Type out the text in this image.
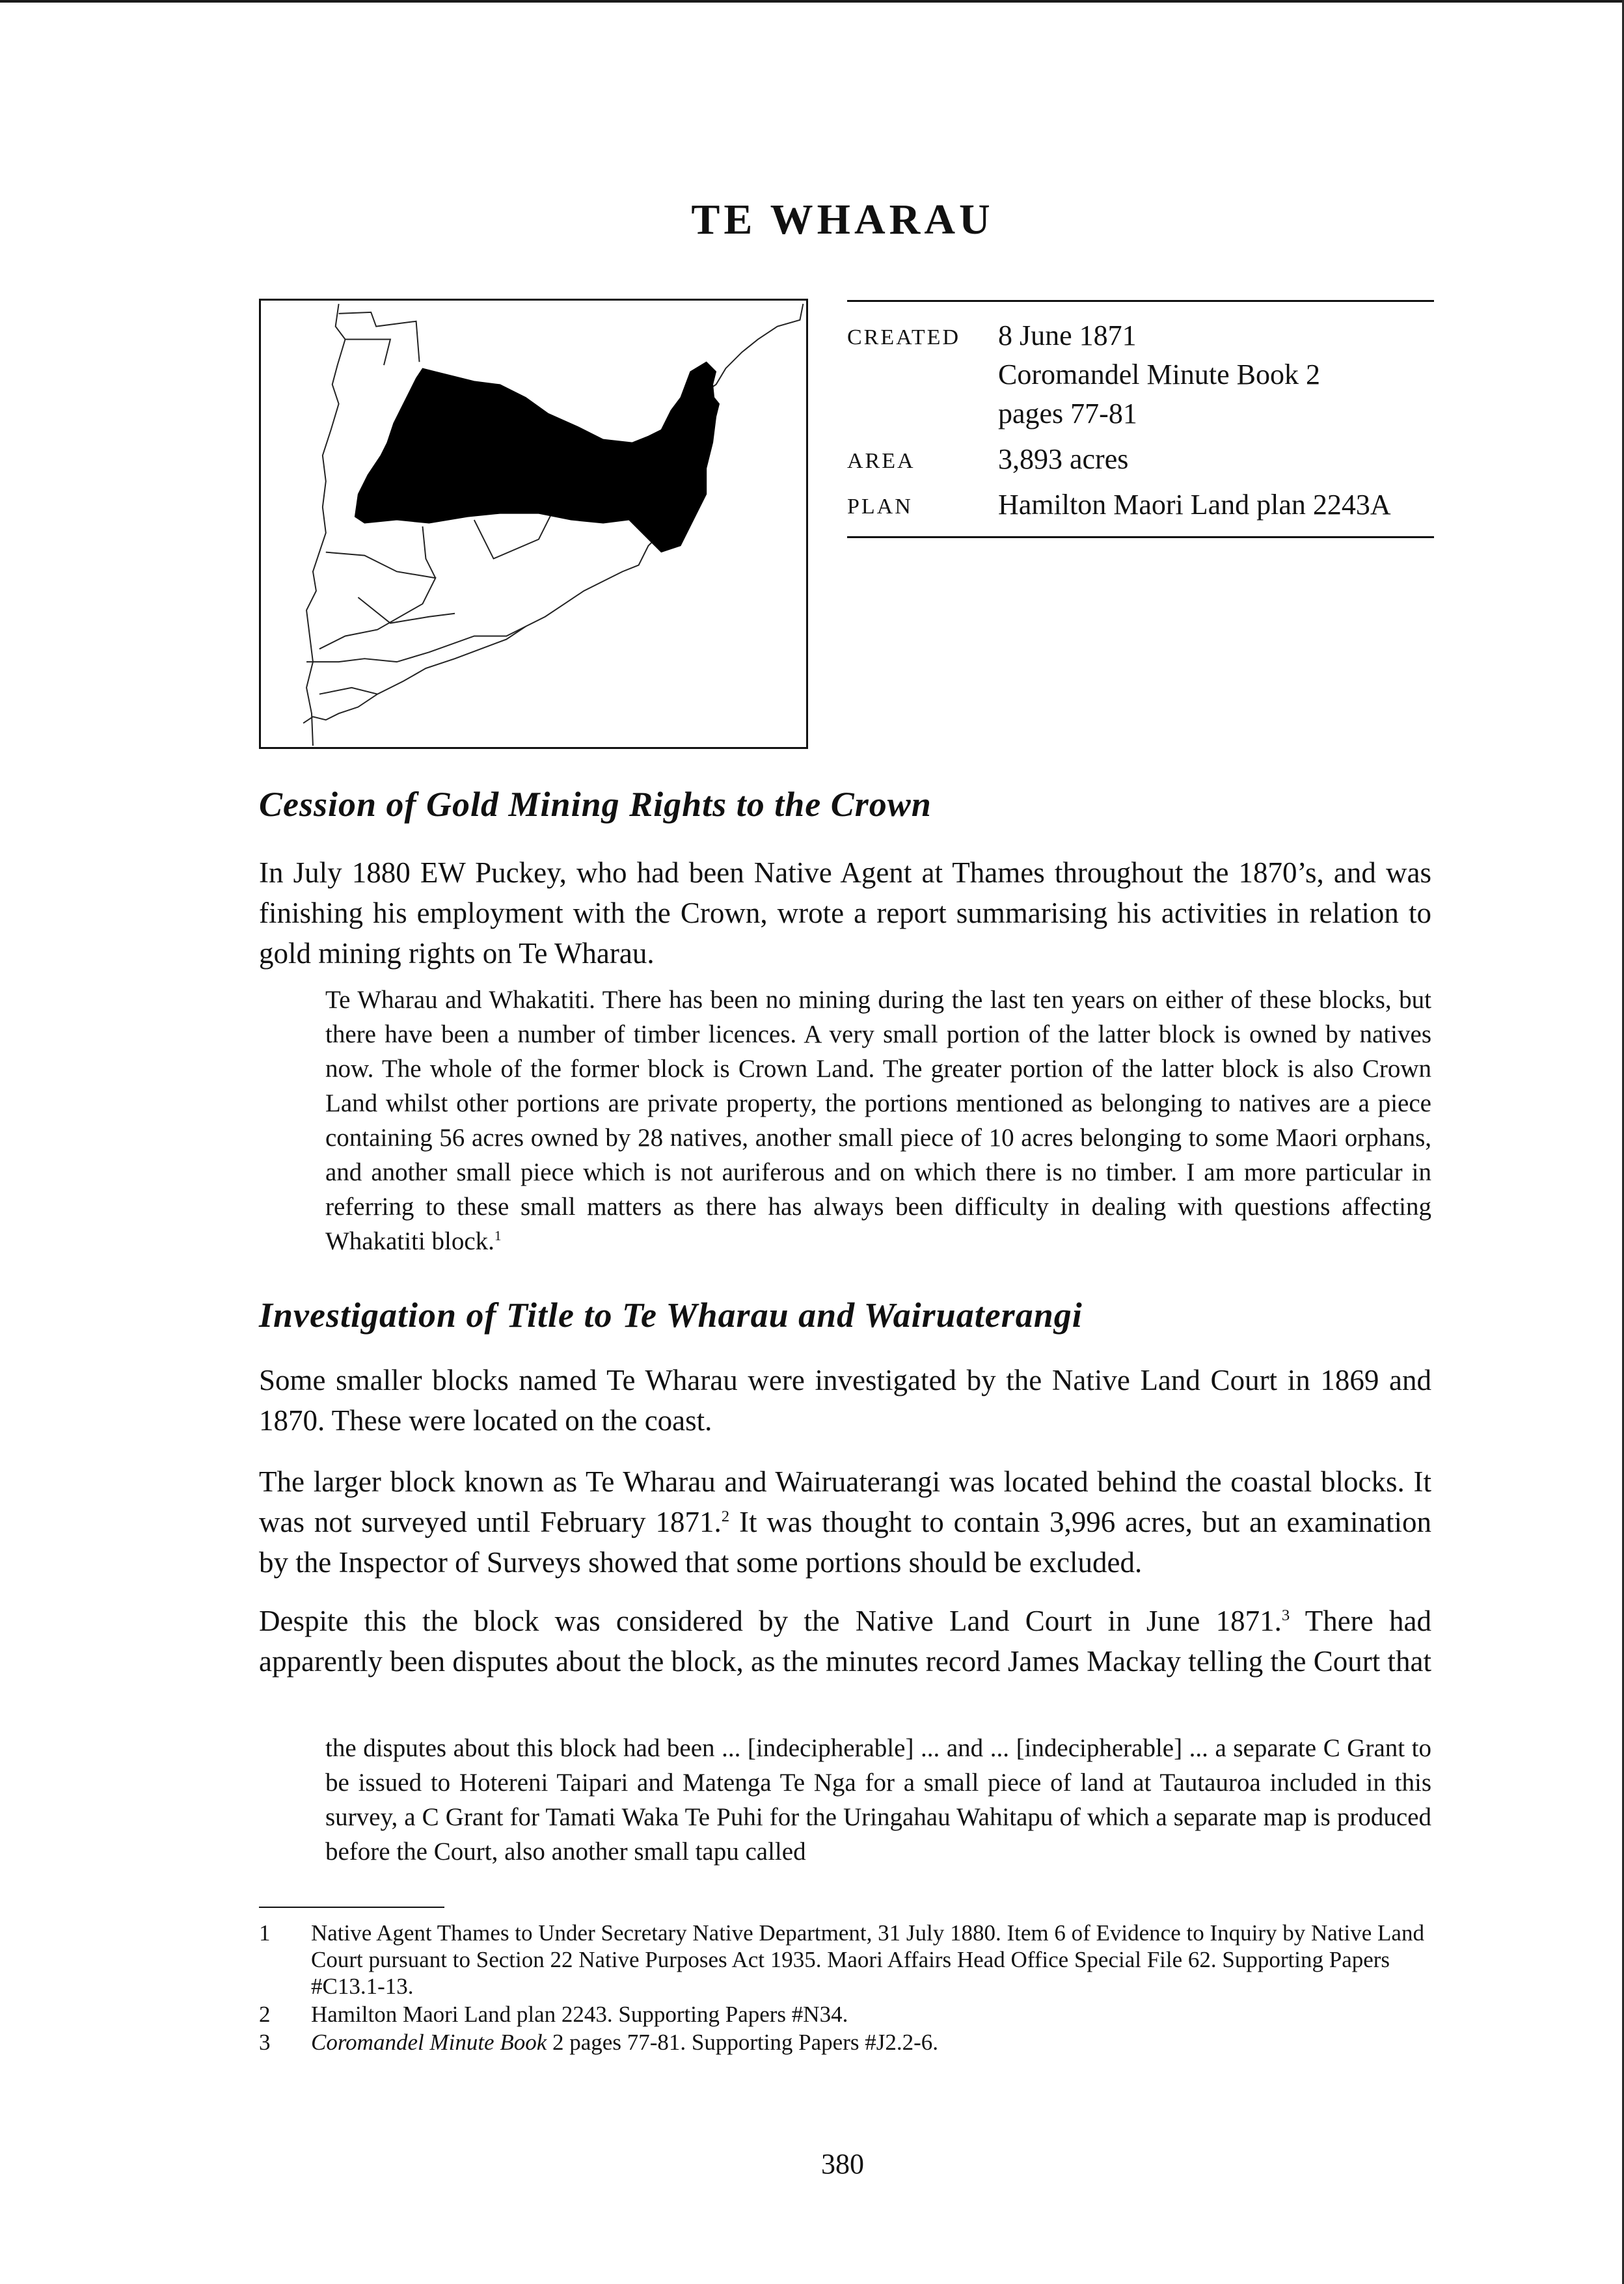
TE WHARAU
CREATED	8 June 1871
Coromandel Minute Book 2
pages 77-81
AREA	3,893 acres
PLAN	Hamilton Maori Land plan 2243A
Cession of Gold Mining Rights to the Crown

In July 1880 EW Puckey, who had been Native Agent at Thames throughout the 1870’s, and was finishing his employment with the Crown, wrote a report summarising his activities in relation to gold mining rights on Te Wharau.

Te Wharau and Whakatiti. There has been no mining during the last ten years on either of these blocks, but there have been a number of timber licences. A very small portion of the latter block is owned by natives now. The whole of the former block is Crown Land. The greater portion of the latter block is also Crown Land whilst other portions are private property, the portions mentioned as belonging to natives are a piece containing 56 acres owned by 28 natives, another small piece of 10 acres belonging to some Maori orphans, and another small piece which is not auriferous and on which there is no timber. I am more particular in referring to these small matters as there has always been difficulty in dealing with questions affecting Whakatiti block.$^1$

Investigation of Title to Te Wharau and Wairuaterangi

Some smaller blocks named Te Wharau were investigated by the Native Land Court in 1869 and 1870. These were located on the coast.

The larger block known as Te Wharau and Wairuaterangi was located behind the coastal blocks. It was not surveyed until February 1871.$^2$ It was thought to contain 3,996 acres, but an examination by the Inspector of Surveys showed that some portions should be excluded.

Despite this the block was considered by the Native Land Court in June 1871.$^3$ There had apparently been disputes about the block, as the minutes record James Mackay telling the Court that

the disputes about this block had been ... [indecipherable] ... and ... [indecipherable] ... a separate C Grant to be issued to Hotereni Taipari and Matenga Te Nga for a small piece of land at Tautauroa included in this survey, a C Grant for Tamati Waka Te Puhi for the Uringahau Wahitapu of which a separate map is produced before the Court, also another small tapu called

1	Native Agent Thames to Under Secretary Native Department, 31 July 1880. Item 6 of Evidence to Inquiry by Native Land Court pursuant to Section 22 Native Purposes Act 1935. Maori Affairs Head Office Special File 62. Supporting Papers #C13.1-13.
2	Hamilton Maori Land plan 2243. Supporting Papers #N34.
3	Coromandel Minute Book 2 pages 77-81. Supporting Papers #J2.2-6.
380
